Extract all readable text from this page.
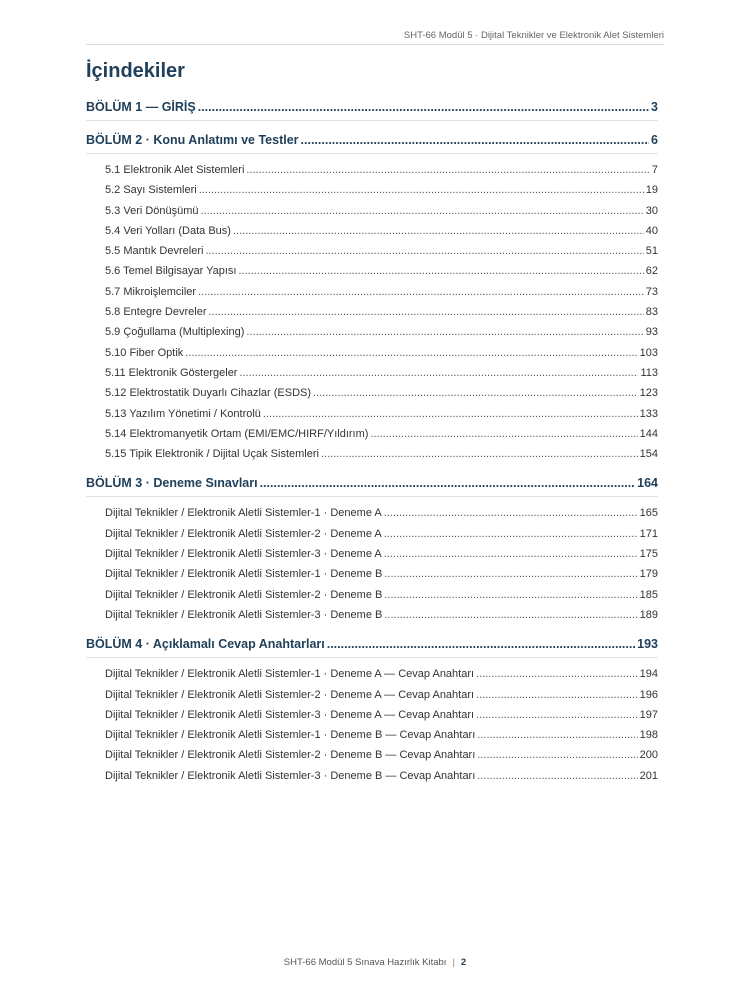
SHT-66 Modül 5 · Dijital Teknikler ve Elektronik Alet Sistemleri
İçindekiler
BÖLÜM 1 — GİRİŞ .....	3
BÖLÜM 2 · Konu Anlatımı ve Testler .....	6
5.1 Elektronik Alet Sistemleri .....	7
5.2 Sayı Sistemleri .....	19
5.3 Veri Dönüşümü .....	30
5.4 Veri Yolları (Data Bus) .....	40
5.5 Mantık Devreleri .....	51
5.6 Temel Bilgisayar Yapısı .....	62
5.7 Mikroişlemciler .....	73
5.8 Entegre Devreler .....	83
5.9 Çoğullama (Multiplexing) .....	93
5.10 Fiber Optik .....	103
5.11 Elektronik Göstergeler .....	113
5.12 Elektrostatik Duyarlı Cihazlar (ESDS) .....	123
5.13 Yazılım Yönetimi / Kontrolü .....	133
5.14 Elektromanyetik Ortam (EMI/EMC/HIRF/Yıldırım) .....	144
5.15 Tipik Elektronik / Dijital Uçak Sistemleri .....	154
BÖLÜM 3 · Deneme Sınavları .....	164
Dijital Teknikler / Elektronik Aletli Sistemler-1 · Deneme A .....	165
Dijital Teknikler / Elektronik Aletli Sistemler-2 · Deneme A .....	171
Dijital Teknikler / Elektronik Aletli Sistemler-3 · Deneme A .....	175
Dijital Teknikler / Elektronik Aletli Sistemler-1 · Deneme B .....	179
Dijital Teknikler / Elektronik Aletli Sistemler-2 · Deneme B .....	185
Dijital Teknikler / Elektronik Aletli Sistemler-3 · Deneme B .....	189
BÖLÜM 4 · Açıklamalı Cevap Anahtarları .....	193
Dijital Teknikler / Elektronik Aletli Sistemler-1 · Deneme A — Cevap Anahtarı .....	194
Dijital Teknikler / Elektronik Aletli Sistemler-2 · Deneme A — Cevap Anahtarı .....	196
Dijital Teknikler / Elektronik Aletli Sistemler-3 · Deneme A — Cevap Anahtarı .....	197
Dijital Teknikler / Elektronik Aletli Sistemler-1 · Deneme B — Cevap Anahtarı .....	198
Dijital Teknikler / Elektronik Aletli Sistemler-2 · Deneme B — Cevap Anahtarı .....	200
Dijital Teknikler / Elektronik Aletli Sistemler-3 · Deneme B — Cevap Anahtarı .....	201
SHT-66 Modül 5 Sınava Hazırlık Kitabı | 2
